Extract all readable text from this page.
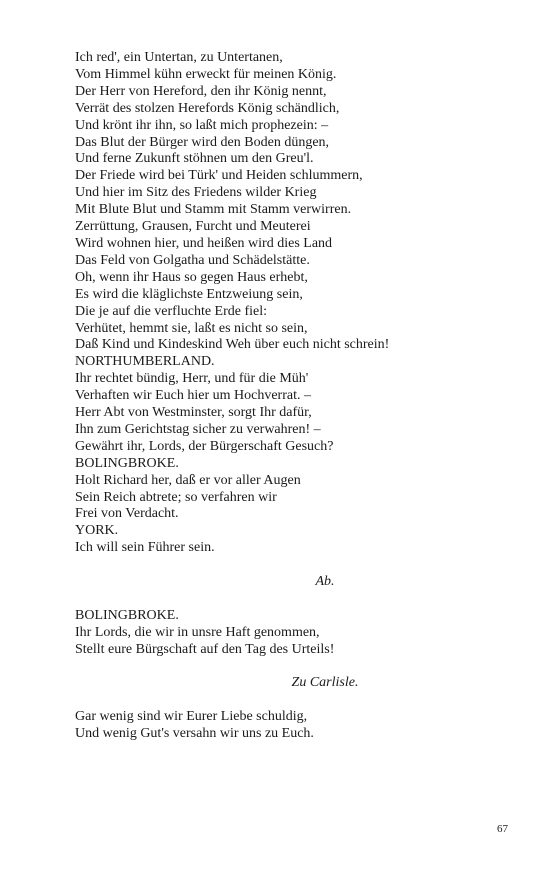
Ich red', ein Untertan, zu Untertanen,
Vom Himmel kühn erweckt für meinen König.
Der Herr von Hereford, den ihr König nennt,
Verrät des stolzen Herefords König schändlich,
Und krönt ihr ihn, so laßt mich prophezein: –
Das Blut der Bürger wird den Boden düngen,
Und ferne Zukunft stöhnen um den Greu'l.
Der Friede wird bei Türk' und Heiden schlummern,
Und hier im Sitz des Friedens wilder Krieg
Mit Blute Blut und Stamm mit Stamm verwirren.
Zerrüttung, Grausen, Furcht und Meuterei
Wird wohnen hier, und heißen wird dies Land
Das Feld von Golgatha und Schädelstätte.
Oh, wenn ihr Haus so gegen Haus erhebt,
Es wird die kläglichste Entzweiung sein,
Die je auf die verfluchte Erde fiel:
Verhütet, hemmt sie, laßt es nicht so sein,
Daß Kind und Kindeskind Weh über euch nicht schrein!
NORTHUMBERLAND.
Ihr rechtet bündig, Herr, und für die Müh'
Verhaften wir Euch hier um Hochverrat. –
Herr Abt von Westminster, sorgt Ihr dafür,
Ihn zum Gerichtstag sicher zu verwahren! –
Gewährt ihr, Lords, der Bürgerschaft Gesuch?
BOLINGBROKE.
Holt Richard her, daß er vor aller Augen
Sein Reich abtrete; so verfahren wir
Frei von Verdacht.
YORK.
Ich will sein Führer sein.
Ab.
BOLINGBROKE.
Ihr Lords, die wir in unsre Haft genommen,
Stellt eure Bürgschaft auf den Tag des Urteils!
Zu Carlisle.
Gar wenig sind wir Eurer Liebe schuldig,
Und wenig Gut's versahn wir uns zu Euch.
67
